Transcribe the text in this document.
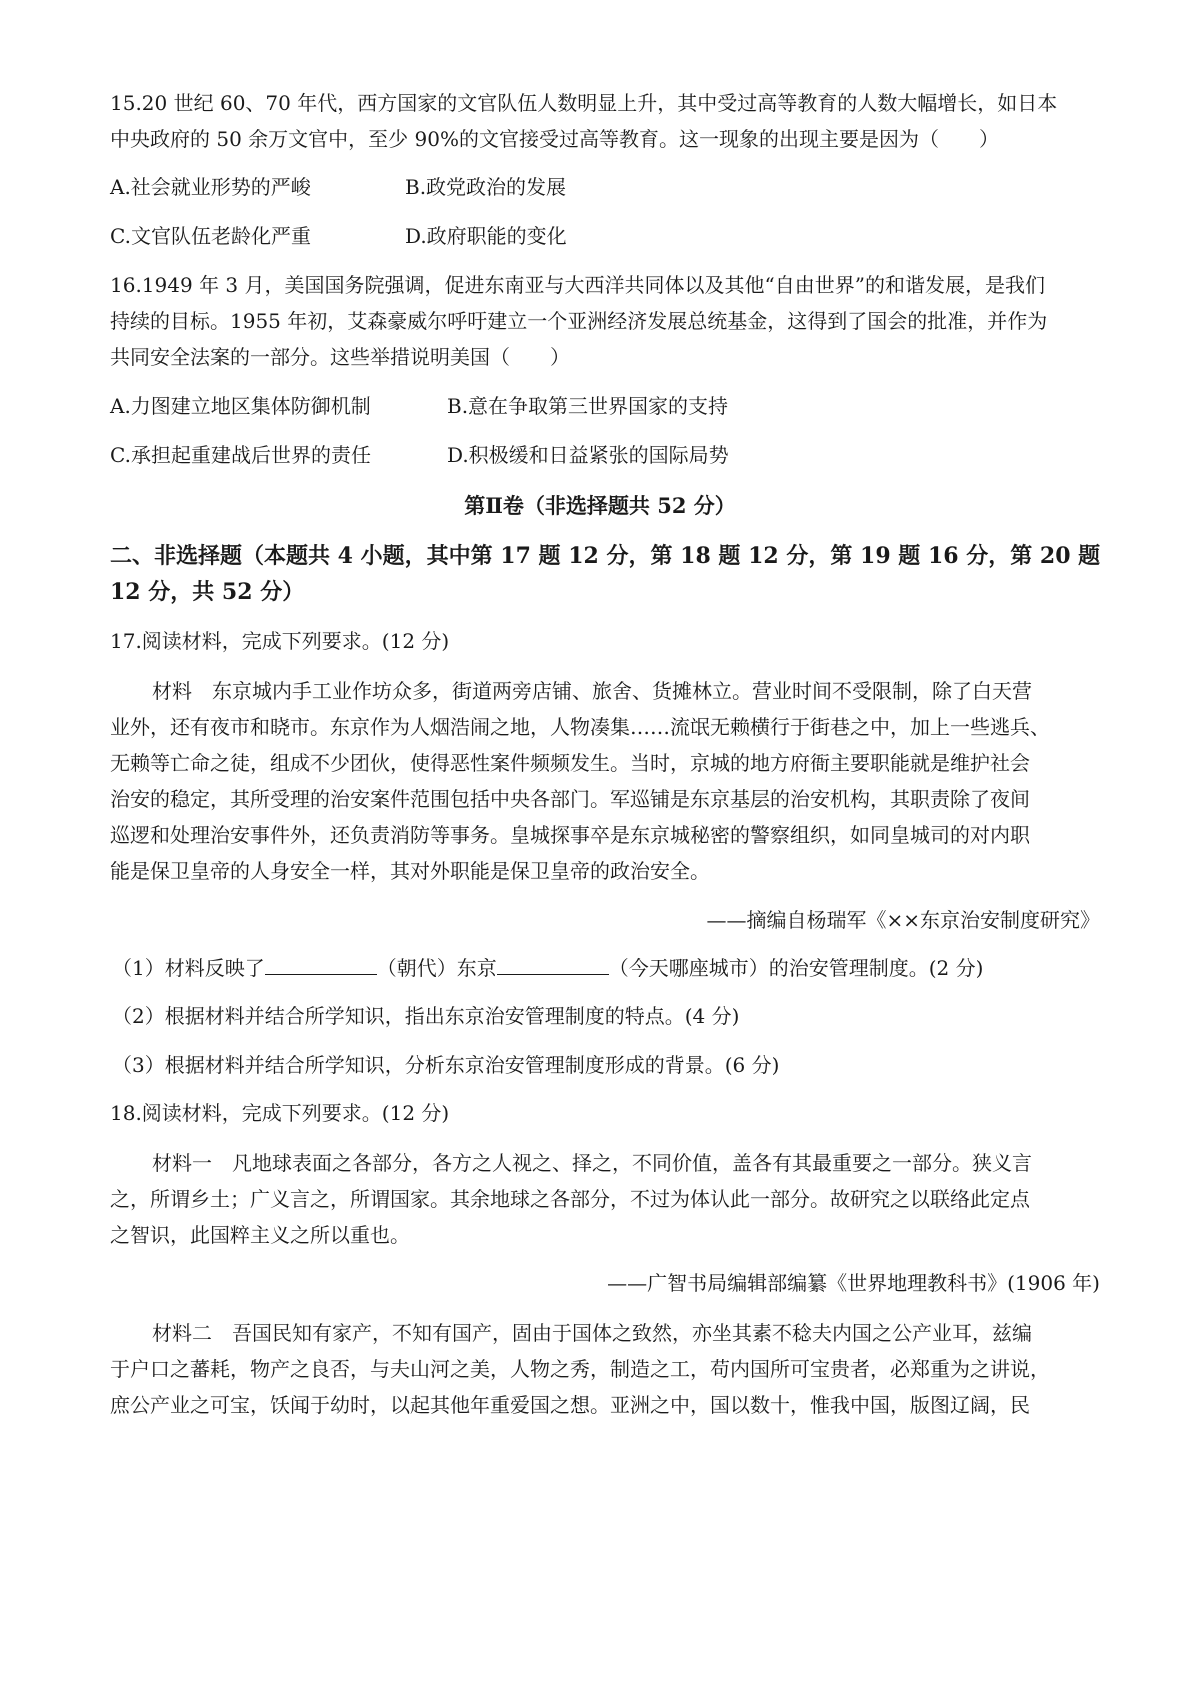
15.20 世纪 60、70 年代，西方国家的文官队伍人数明显上升，其中受过高等教育的人数大幅增长，如日本
中央政府的 50 余万文官中，至少 90%的文官接受过高等教育。这一现象的出现主要是因为（　　）
A.社会就业形势的严峻	B.政党政治的发展
C.文官队伍老龄化严重	D.政府职能的变化
16.1949 年 3 月，美国国务院强调，促进东南亚与大西洋共同体以及其他“自由世界”的和谐发展，是我们
持续的目标。1955 年初，艾森豪威尔呼吁建立一个亚洲经济发展总统基金，这得到了国会的批准，并作为
共同安全法案的一部分。这些举措说明美国（　　）
A.力图建立地区集体防御机制	B.意在争取第三世界国家的支持
C.承担起重建战后世界的责任	D.积极缓和日益紧张的国际局势
第Ⅱ卷（非选择题共 52 分）
二、非选择题（本题共 4 小题，其中第 17 题 12 分，第 18 题 12 分，第 19 题 16 分，第 20 题
12 分，共 52 分）
17.阅读材料，完成下列要求。(12 分)
材料　东京城内手工业作坊众多，街道两旁店铺、旅舍、货摊林立。营业时间不受限制，除了白天营
业外，还有夜市和晓市。东京作为人烟浩闹之地，人物凑集……流氓无赖横行于街巷之中，加上一些逃兵、
无赖等亡命之徒，组成不少团伙，使得恶性案件频频发生。当时，京城的地方府衙主要职能就是维护社会
治安的稳定，其所受理的治安案件范围包括中央各部门。军巡铺是东京基层的治安机构，其职责除了夜间
巡逻和处理治安事件外，还负责消防等事务。皇城探事卒是东京城秘密的警察组织，如同皇城司的对内职
能是保卫皇帝的人身安全一样，其对外职能是保卫皇帝的政治安全。
——摘编自杨瑞军《××东京治安制度研究》
（1）材料反映了	（朝代）东京	（今天哪座城市）的治安管理制度。(2 分)
（2）根据材料并结合所学知识，指出东京治安管理制度的特点。(4 分)
（3）根据材料并结合所学知识，分析东京治安管理制度形成的背景。(6 分)
18.阅读材料，完成下列要求。(12 分)
材料一　凡地球表面之各部分，各方之人视之、择之，不同价值，盖各有其最重要之一部分。狭义言
之，所谓乡土；广义言之，所谓国家。其余地球之各部分，不过为体认此一部分。故研究之以联络此定点
之智识，此国粹主义之所以重也。
——广智书局编辑部编纂《世界地理教科书》(1906 年)
材料二　吾国民知有家产，不知有国产，固由于国体之致然，亦坐其素不稔夫内国之公产业耳，兹编
于户口之蕃耗，物产之良否，与夫山河之美，人物之秀，制造之工，苟内国所可宝贵者，必郑重为之讲说，
庶公产业之可宝，饫闻于幼时，以起其他年重爱国之想。亚洲之中，国以数十，惟我中国，版图辽阔，民
